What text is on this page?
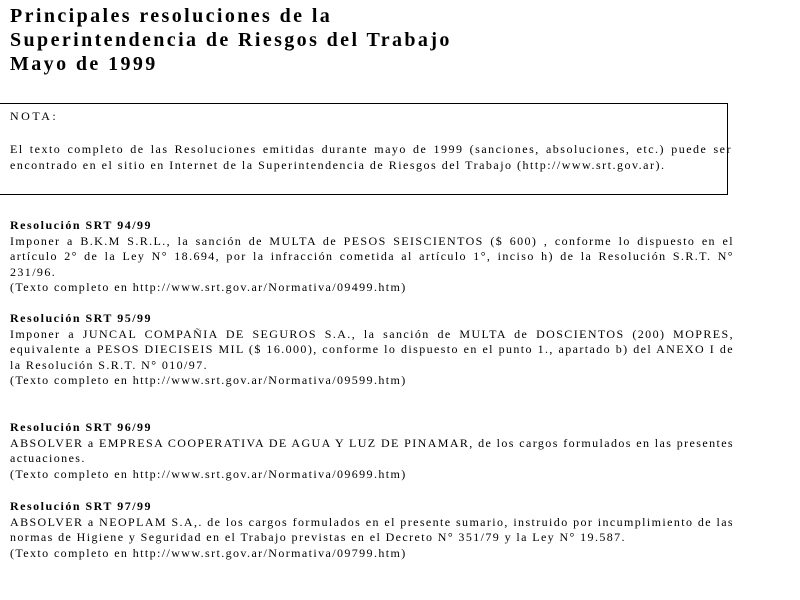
Principales resoluciones de la
Superintendencia de Riesgos del Trabajo
Mayo de 1999
NOTA:
El texto completo de las Resoluciones emitidas durante mayo de 1999 (sanciones, absoluciones, etc.) puede ser encontrado en el sitio en Internet de la Superintendencia de Riesgos del Trabajo (http://www.srt.gov.ar).
Resolución SRT 94/99
Imponer a B.K.M S.R.L., la sanción de MULTA de PESOS SEISCIENTOS ($ 600) , conforme lo dispuesto en el artículo 2° de la Ley N° 18.694, por la infracción cometida al artículo 1°, inciso h) de la Resolución S.R.T. N° 231/96.
(Texto completo en http://www.srt.gov.ar/Normativa/09499.htm)
Resolución SRT 95/99
Imponer a JUNCAL COMPAÑIA DE SEGUROS S.A., la sanción de MULTA de DOSCIENTOS (200) MOPRES, equivalente a PESOS DIECISEIS MIL ($ 16.000), conforme lo dispuesto en el punto 1., apartado b) del ANEXO I de la Resolución S.R.T. N° 010/97.
(Texto completo en http://www.srt.gov.ar/Normativa/09599.htm)
Resolución SRT 96/99
ABSOLVER a EMPRESA COOPERATIVA DE AGUA Y LUZ DE PINAMAR, de los cargos formulados en las presentes actuaciones.
(Texto completo en http://www.srt.gov.ar/Normativa/09699.htm)
Resolución SRT 97/99
ABSOLVER a NEOPLAM S.A,. de los cargos formulados en el presente sumario, instruido por incumplimiento de las normas de Higiene y Seguridad en el Trabajo previstas en el Decreto N° 351/79 y la Ley N° 19.587.
(Texto completo en http://www.srt.gov.ar/Normativa/09799.htm)
